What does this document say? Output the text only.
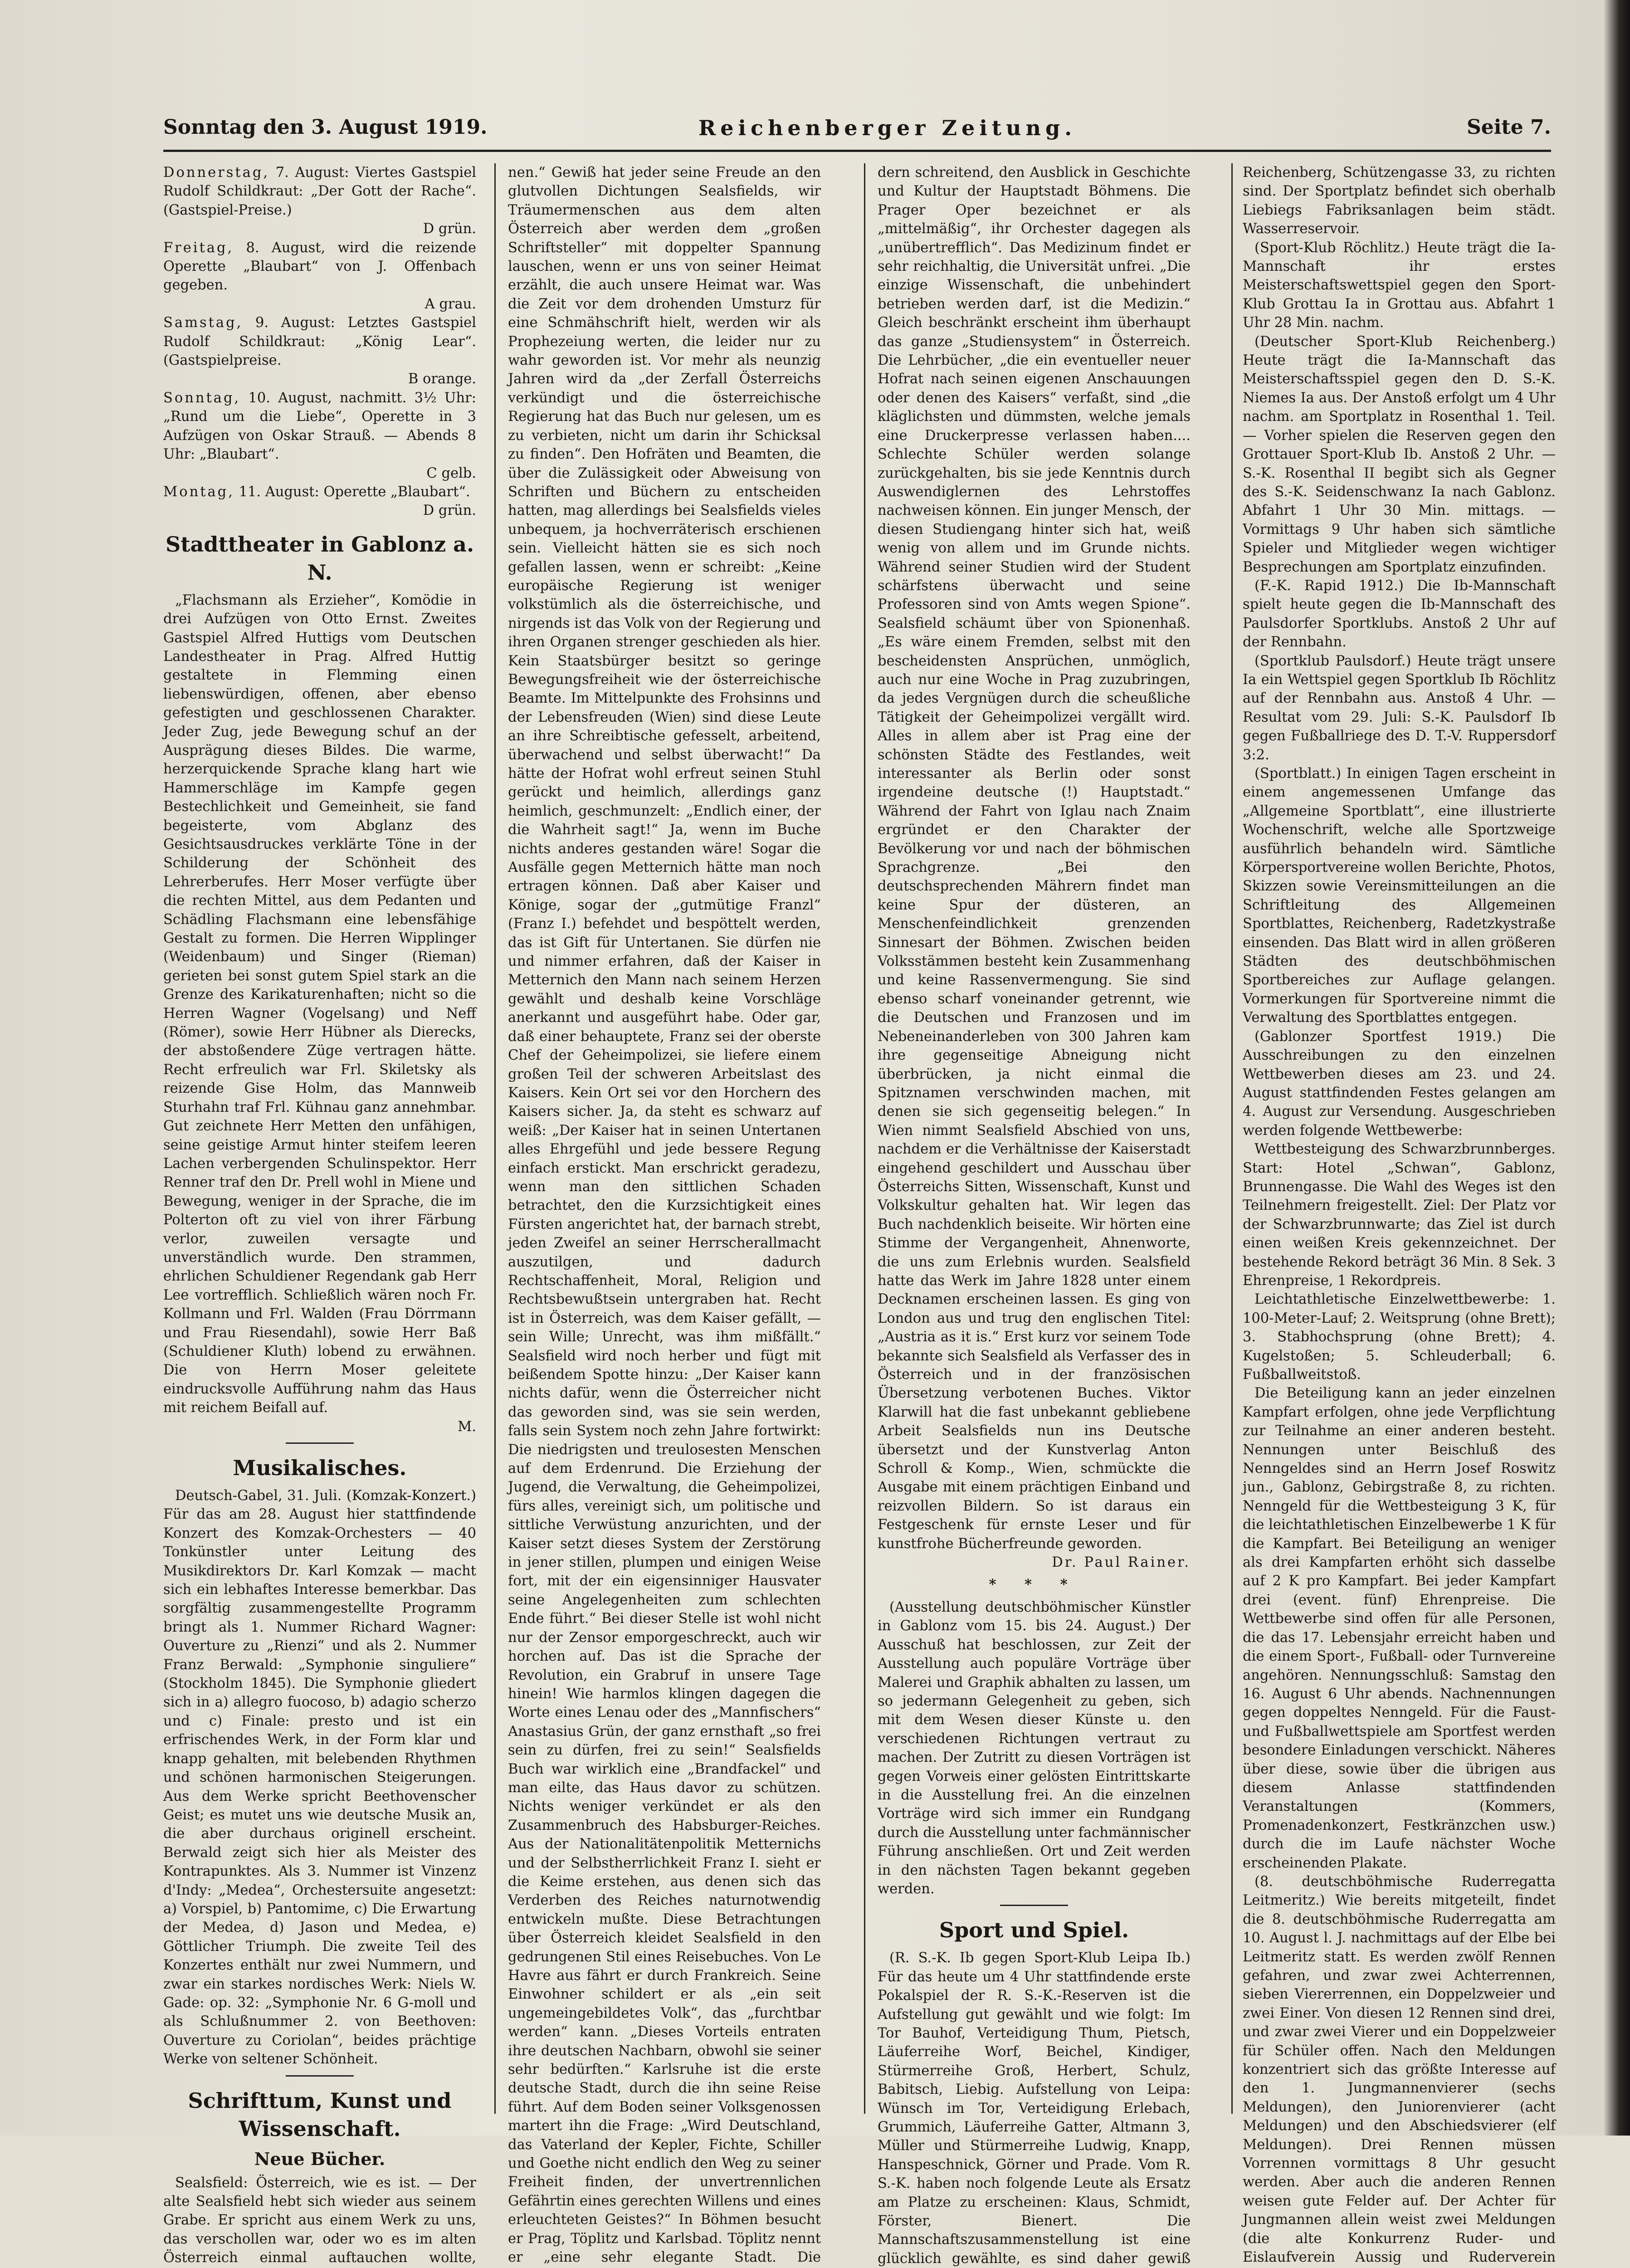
Sonntag den 3. August 1919.	Reichenberger Zeitung.	Seite 7.

Donnerstag, 7. August: Viertes Gastspiel Rudolf Schildkraut: „Der Gott der Rache“. (Gastspiel-Preise.)

D grün.

Freitag, 8. August, wird die reizende Operette „Blaubart“ von J. Offenbach gegeben.

A grau.

Samstag, 9. August: Letztes Gastspiel Rudolf Schildkraut: „König Lear“. (Gastspielpreise.

B orange.

Sonntag, 10. August, nachmitt. 3½ Uhr: „Rund um die Liebe“, Operette in 3 Aufzügen von Oskar Strauß. — Abends 8 Uhr: „Blaubart“.

C gelb.

Montag, 11. August: Operette „Blaubart“.

D grün.

Stadttheater in Gablonz a. N.

„Flachsmann als Erzieher“, Komödie in drei Aufzügen von Otto Ernst. Zweites Gastspiel Alfred Huttigs vom Deutschen Landestheater in Prag. Alfred Huttig gestaltete in Flemming einen liebenswürdigen, offenen, aber ebenso gefestigten und geschlossenen Charakter. Jeder Zug, jede Bewegung schuf an der Ausprägung dieses Bildes. Die warme, herzerquickende Sprache klang hart wie Hammerschläge im Kampfe gegen Bestechlichkeit und Gemeinheit, sie fand begeisterte, vom Abglanz des Gesichtsausdruckes verklärte Töne in der Schilderung der Schönheit des Lehrerberufes. Herr Moser verfügte über die rechten Mittel, aus dem Pedanten und Schädling Flachsmann eine lebensfähige Gestalt zu formen. Die Herren Wipplinger (Weidenbaum) und Singer (Rieman) gerieten bei sonst gutem Spiel stark an die Grenze des Karikaturenhaften; nicht so die Herren Wagner (Vogelsang) und Neff (Römer), sowie Herr Hübner als Dierecks, der abstoßendere Züge vertragen hätte. Recht erfreulich war Frl. Skiletsky als reizende Gise Holm, das Mannweib Sturhahn traf Frl. Kühnau ganz annehmbar. Gut zeichnete Herr Metten den unfähigen, seine geistige Armut hinter steifem leeren Lachen verbergenden Schulinspektor. Herr Renner traf den Dr. Prell wohl in Miene und Bewegung, weniger in der Sprache, die im Polterton oft zu viel von ihrer Färbung verlor, zuweilen versagte und unverständlich wurde. Den strammen, ehrlichen Schuldiener Regendank gab Herr Lee vortrefflich. Schließlich wären noch Fr. Kollmann und Frl. Walden (Frau Dörrmann und Frau Riesendahl), sowie Herr Baß (Schuldiener Kluth) lobend zu erwähnen. Die von Herrn Moser geleitete eindrucksvolle Aufführung nahm das Haus mit reichem Beifall auf.

M.

Musikalisches.

Deutsch-Gabel, 31. Juli. (Komzak-Konzert.) Für das am 28. August hier stattfindende Konzert des Komzak-Orchesters — 40 Tonkünstler unter Leitung des Musikdirektors Dr. Karl Komzak — macht sich ein lebhaftes Interesse bemerkbar. Das sorgfältig zusammengestellte Programm bringt als 1. Nummer Richard Wagner: Ouverture zu „Rienzi“ und als 2. Nummer Franz Berwald: „Symphonie singuliere“ (Stockholm 1845). Die Symphonie gliedert sich in a) allegro fuocoso, b) adagio scherzo und c) Finale: presto und ist ein erfrischendes Werk, in der Form klar und knapp gehalten, mit belebenden Rhythmen und schönen harmonischen Steigerungen. Aus dem Werke spricht Beethovenscher Geist; es mutet uns wie deutsche Musik an, die aber durchaus originell erscheint. Berwald zeigt sich hier als Meister des Kontrapunktes. Als 3. Nummer ist Vinzenz d'Indy: „Medea“, Orchestersuite angesetzt: a) Vorspiel, b) Pantomime, c) Die Erwartung der Medea, d) Jason und Medea, e) Göttlicher Triumph. Die zweite Teil des Konzertes enthält nur zwei Nummern, und zwar ein starkes nordisches Werk: Niels W. Gade: op. 32: „Symphonie Nr. 6 G-moll und als Schlußnummer 2. von Beethoven: Ouverture zu Coriolan“, beides prächtige Werke von seltener Schönheit.

Schrifttum, Kunst und Wissenschaft.
Neue Bücher.

Sealsfield: Österreich, wie es ist. — Der alte Sealsfield hebt sich wieder aus seinem Grabe. Er spricht aus einem Werk zu uns, das verschollen war, oder wo es im alten Österreich einmal auftauchen wollte,

nen.“ Gewiß hat jeder seine Freude an den glutvollen Dichtungen Sealsfields, wir Träumermenschen aus dem alten Österreich aber werden dem „großen Schriftsteller“ mit doppelter Spannung lauschen, wenn er uns von seiner Heimat erzählt, die auch unsere Heimat war. Was die Zeit vor dem drohenden Umsturz für eine Schmähschrift hielt, werden wir als Prophezeiung werten, die leider nur zu wahr geworden ist. Vor mehr als neunzig Jahren wird da „der Zerfall Österreichs verkündigt und die österreichische Regierung hat das Buch nur gelesen, um es zu verbieten, nicht um darin ihr Schicksal zu finden“. Den Hofräten und Beamten, die über die Zulässigkeit oder Abweisung von Schriften und Büchern zu entscheiden hatten, mag allerdings bei Sealsfields vieles unbequem, ja hochverräterisch erschienen sein. Vielleicht hätten sie es sich noch gefallen lassen, wenn er schreibt: „Keine europäische Regierung ist weniger volkstümlich als die österreichische, und nirgends ist das Volk von der Regierung und ihren Organen strenger geschieden als hier. Kein Staatsbürger besitzt so geringe Bewegungsfreiheit wie der österreichische Beamte. Im Mittelpunkte des Frohsinns und der Lebensfreuden (Wien) sind diese Leute an ihre Schreibtische gefesselt, arbeitend, überwachend und selbst überwacht!“ Da hätte der Hofrat wohl erfreut seinen Stuhl gerückt und heimlich, allerdings ganz heimlich, geschmunzelt: „Endlich einer, der die Wahrheit sagt!“ Ja, wenn im Buche nichts anderes gestanden wäre! Sogar die Ausfälle gegen Metternich hätte man noch ertragen können. Daß aber Kaiser und Könige, sogar der „gutmütige Franzl“ (Franz I.) befehdet und bespöttelt werden, das ist Gift für Untertanen. Sie dürfen nie und nimmer erfahren, daß der Kaiser in Metternich den Mann nach seinem Herzen gewählt und deshalb keine Vorschläge anerkannt und ausgeführt habe. Oder gar, daß einer behauptete, Franz sei der oberste Chef der Geheimpolizei, sie liefere einem großen Teil der schweren Arbeitslast des Kaisers. Kein Ort sei vor den Horchern des Kaisers sicher. Ja, da steht es schwarz auf weiß: „Der Kaiser hat in seinen Untertanen alles Ehrgefühl und jede bessere Regung einfach erstickt. Man erschrickt geradezu, wenn man den sittlichen Schaden betrachtet, den die Kurzsichtigkeit eines Fürsten angerichtet hat, der barnach strebt, jeden Zweifel an seiner Herrscherallmacht auszutilgen, und dadurch Rechtschaffenheit, Moral, Religion und Rechtsbewußtsein untergraben hat. Recht ist in Österreich, was dem Kaiser gefällt, — sein Wille; Unrecht, was ihm mißfällt.“ Sealsfield wird noch herber und fügt mit beißendem Spotte hinzu: „Der Kaiser kann nichts dafür, wenn die Österreicher nicht das geworden sind, was sie sein werden, falls sein System noch zehn Jahre fortwirkt: Die niedrigsten und treulosesten Menschen auf dem Erdenrund. Die Erziehung der Jugend, die Verwaltung, die Geheimpolizei, fürs alles, vereinigt sich, um politische und sittliche Verwüstung anzurichten, und der Kaiser setzt dieses System der Zerstörung in jener stillen, plumpen und einigen Weise fort, mit der ein eigensinniger Hausvater seine Angelegenheiten zum schlechten Ende führt.“ Bei dieser Stelle ist wohl nicht nur der Zensor emporgeschreckt, auch wir horchen auf. Das ist die Sprache der Revolution, ein Grabruf in unsere Tage hinein! Wie harmlos klingen dagegen die Worte eines Lenau oder des „Mannfischers“ Anastasius Grün, der ganz ernsthaft „so frei sein zu dürfen, frei zu sein!“ Sealsfields Buch war wirklich eine „Brandfackel“ und man eilte, das Haus davor zu schützen. Nichts weniger verkündet er als den Zusammenbruch des Habsburger-Reiches. Aus der Nationalitätenpolitik Metternichs und der Selbstherrlichkeit Franz I. sieht er die Keime erstehen, aus denen sich das Verderben des Reiches naturnotwendig entwickeln mußte. Diese Betrachtungen über Österreich kleidet Sealsfield in den gedrungenen Stil eines Reisebuches. Von Le Havre aus fährt er durch Frankreich. Seine Einwohner schildert er als „ein seit ungemeingebildetes Volk“, das „furchtbar werden“ kann. „Dieses Vorteils entraten ihre deutschen Nachbarn, obwohl sie seiner sehr bedürften.“ Karlsruhe ist die erste deutsche Stadt, durch die ihn seine Reise führt. Auf dem Boden seiner Volksgenossen martert ihn die Frage: „Wird Deutschland, das Vaterland der Kepler, Fichte, Schiller und Goethe nicht endlich den Weg zu seiner Freiheit finden, der unvertrennlichen Gefährtin eines gerechten Willens und eines erleuchteten Geistes?“ In Böhmen besucht er Prag, Töplitz und Karlsbad. Töplitz nennt er „eine sehr elegante Stadt. Die

dern schreitend, den Ausblick in Geschichte und Kultur der Hauptstadt Böhmens. Die Prager Oper bezeichnet er als „mittelmäßig“, ihr Orchester dagegen als „unübertrefflich“. Das Medizinum findet er sehr reichhaltig, die Universität unfrei. „Die einzige Wissenschaft, die unbehindert betrieben werden darf, ist die Medizin.“ Gleich beschränkt erscheint ihm überhaupt das ganze „Studiensystem“ in Österreich. Die Lehrbücher, „die ein eventueller neuer Hofrat nach seinen eigenen Anschauungen oder denen des Kaisers“ verfaßt, sind „die kläglichsten und dümmsten, welche jemals eine Druckerpresse verlassen haben.... Schlechte Schüler werden solange zurückgehalten, bis sie jede Kenntnis durch Auswendiglernen des Lehrstoffes nachweisen können. Ein junger Mensch, der diesen Studiengang hinter sich hat, weiß wenig von allem und im Grunde nichts. Während seiner Studien wird der Student schärfstens überwacht und seine Professoren sind von Amts wegen Spione“. Sealsfield schäumt über von Spionenhaß. „Es wäre einem Fremden, selbst mit den bescheidensten Ansprüchen, unmöglich, auch nur eine Woche in Prag zuzubringen, da jedes Vergnügen durch die scheußliche Tätigkeit der Geheimpolizei vergällt wird. Alles in allem aber ist Prag eine der schönsten Städte des Festlandes, weit interessanter als Berlin oder sonst irgendeine deutsche (!) Hauptstadt.“ Während der Fahrt von Iglau nach Znaim ergründet er den Charakter der Bevölkerung vor und nach der böhmischen Sprachgrenze. „Bei den deutschsprechenden Mährern findet man keine Spur der düsteren, an Menschenfeindlichkeit grenzenden Sinnesart der Böhmen. Zwischen beiden Volksstämmen besteht kein Zusammenhang und keine Rassenvermengung. Sie sind ebenso scharf voneinander getrennt, wie die Deutschen und Franzosen und im Nebeneinanderleben von 300 Jahren kam ihre gegenseitige Abneigung nicht überbrücken, ja nicht einmal die Spitznamen verschwinden machen, mit denen sie sich gegenseitig belegen.“ In Wien nimmt Sealsfield Abschied von uns, nachdem er die Verhältnisse der Kaiserstadt eingehend geschildert und Ausschau über Österreichs Sitten, Wissenschaft, Kunst und Volkskultur gehalten hat. Wir legen das Buch nachdenklich beiseite. Wir hörten eine Stimme der Vergangenheit, Ahnenworte, die uns zum Erlebnis wurden. Sealsfield hatte das Werk im Jahre 1828 unter einem Decknamen erscheinen lassen. Es ging von London aus und trug den englischen Titel: „Austria as it is.“ Erst kurz vor seinem Tode bekannte sich Sealsfield als Verfasser des in Österreich und in der französischen Übersetzung verbotenen Buches. Viktor Klarwill hat die fast unbekannt gebliebene Arbeit Sealsfields nun ins Deutsche übersetzt und der Kunstverlag Anton Schroll & Komp., Wien, schmückte die Ausgabe mit einem prächtigen Einband und reizvollen Bildern. So ist daraus ein Festgeschenk für ernste Leser und für kunstfrohe Bücherfreunde geworden.

Dr. Paul Rainer.

* * *

(Ausstellung deutschböhmischer Künstler in Gablonz vom 15. bis 24. August.) Der Ausschuß hat beschlossen, zur Zeit der Ausstellung auch populäre Vorträge über Malerei und Graphik abhalten zu lassen, um so jedermann Gelegenheit zu geben, sich mit dem Wesen dieser Künste u. den verschiedenen Richtungen vertraut zu machen. Der Zutritt zu diesen Vorträgen ist gegen Vorweis einer gelösten Eintrittskarte in die Ausstellung frei. An die einzelnen Vorträge wird sich immer ein Rundgang durch die Ausstellung unter fachmännischer Führung anschließen. Ort und Zeit werden in den nächsten Tagen bekannt gegeben werden.

Sport und Spiel.

(R. S.-K. Ib gegen Sport-Klub Leipa Ib.) Für das heute um 4 Uhr stattfindende erste Pokalspiel der R. S.-K.-Reserven ist die Aufstellung gut gewählt und wie folgt: Im Tor Bauhof, Verteidigung Thum, Pietsch, Läuferreihe Worf, Beichel, Kindiger, Stürmerreihe Groß, Herbert, Schulz, Babitsch, Liebig. Aufstellung von Leipa: Wünsch im Tor, Verteidigung Erlebach, Grummich, Läuferreihe Gatter, Altmann 3, Müller und Stürmerreihe Ludwig, Knapp, Hanspeschnick, Görner und Prade. Vom R. S.-K. haben noch folgende Leute als Ersatz am Platze zu erscheinen: Klaus, Schmidt, Förster, Bienert. Die Mannschaftszusammenstellung ist eine glücklich gewählte, es sind daher gewiß

Reichenberg, Schützengasse 33, zu richten sind. Der Sportplatz befindet sich oberhalb Liebiegs Fabriksanlagen beim städt. Wasserreservoir.

(Sport-Klub Röchlitz.) Heute trägt die Ia-Mannschaft ihr erstes Meisterschaftswettspiel gegen den Sport-Klub Grottau Ia in Grottau aus. Abfahrt 1 Uhr 28 Min. nachm.

(Deutscher Sport-Klub Reichenberg.) Heute trägt die Ia-Mannschaft das Meisterschaftsspiel gegen den D. S.-K. Niemes Ia aus. Der Anstoß erfolgt um 4 Uhr nachm. am Sportplatz in Rosenthal 1. Teil. — Vorher spielen die Reserven gegen den Grottauer Sport-Klub Ib. Anstoß 2 Uhr. — S.-K. Rosenthal II begibt sich als Gegner des S.-K. Seidenschwanz Ia nach Gablonz. Abfahrt 1 Uhr 30 Min. mittags. — Vormittags 9 Uhr haben sich sämtliche Spieler und Mitglieder wegen wichtiger Besprechungen am Sportplatz einzufinden.

(F.-K. Rapid 1912.) Die Ib-Mannschaft spielt heute gegen die Ib-Mannschaft des Paulsdorfer Sportklubs. Anstoß 2 Uhr auf der Rennbahn.

(Sportklub Paulsdorf.) Heute trägt unsere Ia ein Wettspiel gegen Sportklub Ib Röchlitz auf der Rennbahn aus. Anstoß 4 Uhr. — Resultat vom 29. Juli: S.-K. Paulsdorf Ib gegen Fußballriege des D. T.-V. Ruppersdorf 3:2.

(Sportblatt.) In einigen Tagen erscheint in einem angemessenen Umfange das „Allgemeine Sportblatt“, eine illustrierte Wochenschrift, welche alle Sportzweige ausführlich behandeln wird. Sämtliche Körpersportvereine wollen Berichte, Photos, Skizzen sowie Vereinsmitteilungen an die Schriftleitung des Allgemeinen Sportblattes, Reichenberg, Radetzkystraße einsenden. Das Blatt wird in allen größeren Städten des deutschböhmischen Sportbereiches zur Auflage gelangen. Vormerkungen für Sportvereine nimmt die Verwaltung des Sportblattes entgegen.

(Gablonzer Sportfest 1919.) Die Ausschreibungen zu den einzelnen Wettbewerben dieses am 23. und 24. August stattfindenden Festes gelangen am 4. August zur Versendung. Ausgeschrieben werden folgende Wettbewerbe:

Wettbesteigung des Schwarzbrunnberges. Start: Hotel „Schwan“, Gablonz, Brunnengasse. Die Wahl des Weges ist den Teilnehmern freigestellt. Ziel: Der Platz vor der Schwarzbrunnwarte; das Ziel ist durch einen weißen Kreis gekennzeichnet. Der bestehende Rekord beträgt 36 Min. 8 Sek. 3 Ehrenpreise, 1 Rekordpreis.

Leichtathletische Einzelwettbewerbe: 1. 100-Meter-Lauf; 2. Weitsprung (ohne Brett); 3. Stabhochsprung (ohne Brett); 4. Kugelstoßen; 5. Schleuderball; 6. Fußballweitstoß.

Die Beteiligung kann an jeder einzelnen Kampfart erfolgen, ohne jede Verpflichtung zur Teilnahme an einer anderen besteht. Nennungen unter Beischluß des Nenngeldes sind an Herrn Josef Roswitz jun., Gablonz, Gebirgstraße 8, zu richten. Nenngeld für die Wettbesteigung 3 K, für die leichtathletischen Einzelbewerbe 1 K für die Kampfart. Bei Beteiligung an weniger als drei Kampfarten erhöht sich dasselbe auf 2 K pro Kampfart. Bei jeder Kampfart drei (event. fünf) Ehrenpreise. Die Wettbewerbe sind offen für alle Personen, die das 17. Lebensjahr erreicht haben und die einem Sport-, Fußball- oder Turnvereine angehören. Nennungsschluß: Samstag den 16. August 6 Uhr abends. Nachnennungen gegen doppeltes Nenngeld. Für die Faust- und Fußballwettspiele am Sportfest werden besondere Einladungen verschickt. Näheres über diese, sowie über die übrigen aus diesem Anlasse stattfindenden Veranstaltungen (Kommers, Promenadenkonzert, Festkränzchen usw.) durch die im Laufe nächster Woche erscheinenden Plakate.

(8. deutschböhmische Ruderregatta Leitmeritz.) Wie bereits mitgeteilt, findet die 8. deutschböhmische Ruderregatta am 10. August l. J. nachmittags auf der Elbe bei Leitmeritz statt. Es werden zwölf Rennen gefahren, und zwar zwei Achterrennen, sieben Viererrennen, ein Doppelzweier und zwei Einer. Von diesen 12 Rennen sind drei, und zwar zwei Vierer und ein Doppelzweier für Schüler offen. Nach den Meldungen konzentriert sich das größte Interesse auf den 1. Jungmannenvierer (sechs Meldungen), den Juniorenvierer (acht Meldungen) und den Abschiedsvierer (elf Meldungen). Drei Rennen müssen Vorrennen vormittags 8 Uhr gesucht werden. Aber auch die anderen Rennen weisen gute Felder auf. Der Achter für Jungmannen allein weist zwei Meldungen (die alte Konkurrenz Ruder- und Eislaufverein Aussig und Ruderverein
